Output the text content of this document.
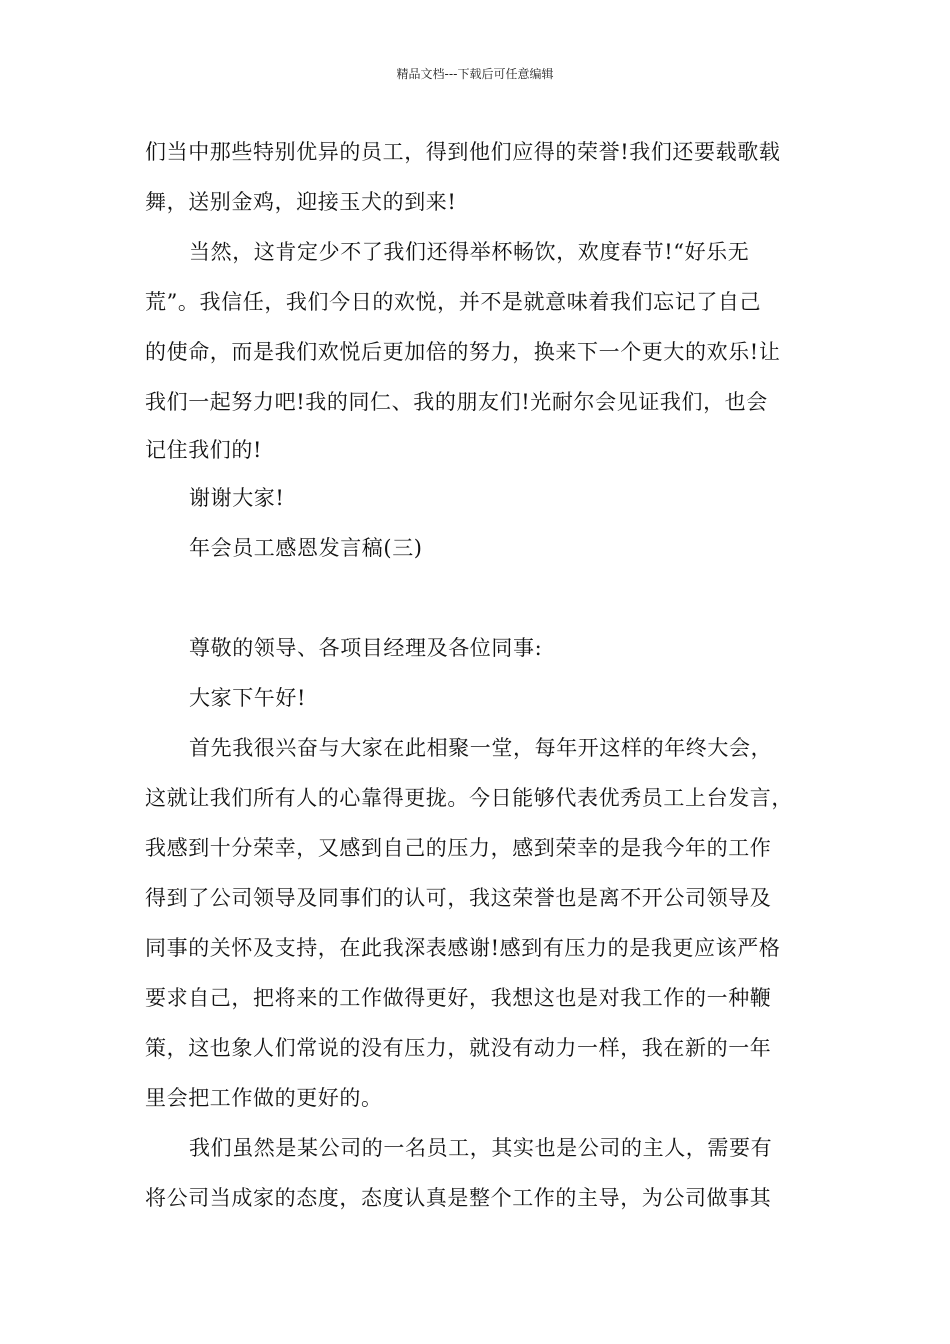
精品文档---下载后可任意编辑
们当中那些特别优异的员工，得到他们应得的荣誉!我们还要载歌载
舞，送别金鸡，迎接玉犬的到来!
当然，这肯定少不了我们还得举杯畅饮，欢度春节!“好乐无
荒”。我信任，我们今日的欢悦，并不是就意味着我们忘记了自己
的使命，而是我们欢悦后更加倍的努力，换来下一个更大的欢乐!让
我们一起努力吧!我的同仁、我的朋友们!光耐尔会见证我们，也会
记住我们的!
谢谢大家!
年会员工感恩发言稿(三)
尊敬的领导、各项目经理及各位同事:
大家下午好!
首先我很兴奋与大家在此相聚一堂，每年开这样的年终大会，
这就让我们所有人的心靠得更拢。今日能够代表优秀员工上台发言，
我感到十分荣幸，又感到自己的压力，感到荣幸的是我今年的工作
得到了公司领导及同事们的认可，我这荣誉也是离不开公司领导及
同事的关怀及支持，在此我深表感谢!感到有压力的是我更应该严格
要求自己，把将来的工作做得更好，我想这也是对我工作的一种鞭
策，这也象人们常说的没有压力，就没有动力一样，我在新的一年
里会把工作做的更好的。
我们虽然是某公司的一名员工，其实也是公司的主人，需要有
将公司当成家的态度，态度认真是整个工作的主导，为公司做事其
